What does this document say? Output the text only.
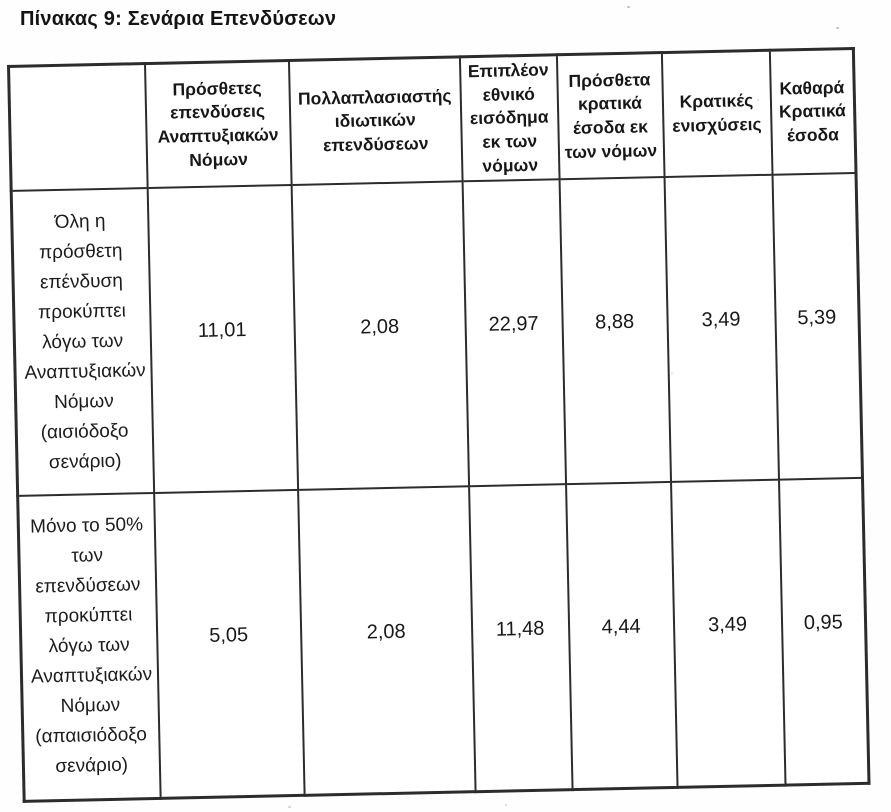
Πίνακας 9: Σενάρια Επενδύσεων
	Πρόσθετες επενδύσεις Αναπτυξιακών Νόμων	Πολλαπλασιαστής ιδιωτικών επενδύσεων	Επιπλέον εθνικό εισόδημα εκ των νόμων	Πρόσθετα κρατικά έσοδα εκ των νόμων	Κρατικές ενισχύσεις	Καθαρά Κρατικά έσοδα
Όλη η πρόσθετη επένδυση προκύπτει λόγω των Αναπτυξιακών Νόμων (αισιόδοξο σενάριο)	11,01	2,08	22,97	8,88	3,49	5,39
Μόνο το 50% των επενδύσεων προκύπτει λόγω των Αναπτυξιακών Νόμων (απαισιόδοξο σενάριο)	5,05	2,08	11,48	4,44	3,49	0,95
